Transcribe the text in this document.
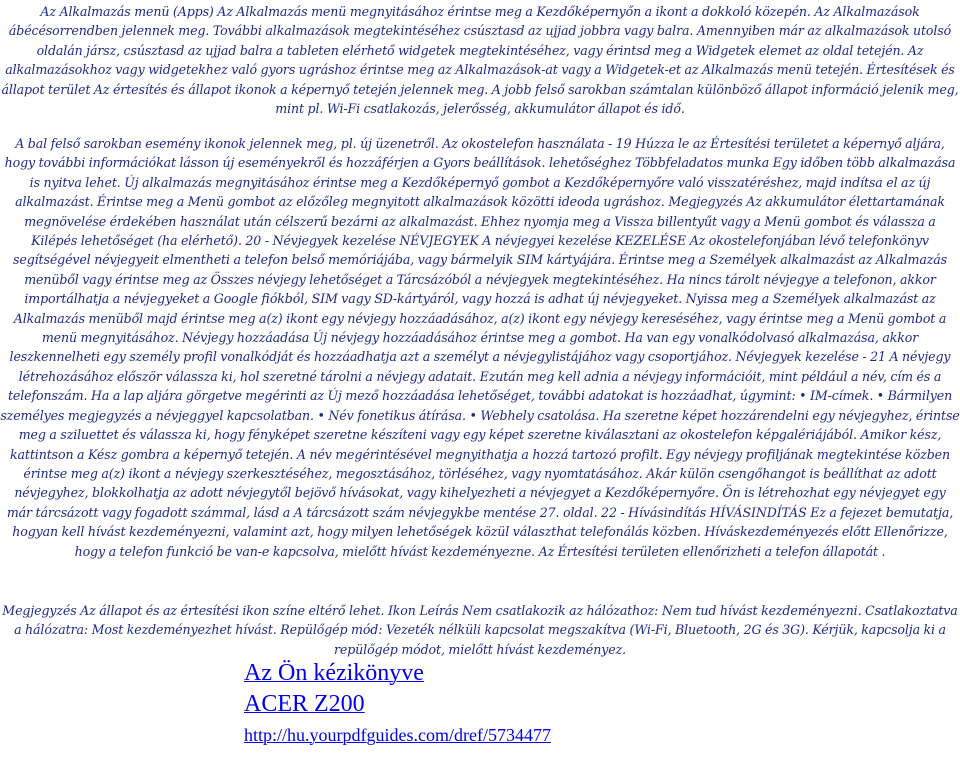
Az Alkalmazás menü (Apps) Az Alkalmazás menü megnyitásához érintse meg a Kezdőképernyőn a ikont a dokkoló közepén. Az Alkalmazások ábécésorrendben jelennek meg. További alkalmazások megtekintéséhez csúsztasd az ujjad jobbra vagy balra. Amennyiben már az alkalmazások utolsó oldalán jársz, csúsztasd az ujjad balra a tableten elérhető widgetek megtekintéséhez, vagy érintsd meg a Widgetek elemet az oldal tetején. Az alkalmazásokhoz vagy widgetekhez való gyors ugráshoz érintse meg az Alkalmazások-at vagy a Widgetek-et az Alkalmazás menü tetején. Értesítések és állapot terület Az értesítés és állapot ikonok a képernyő tetején jelennek meg. A jobb felső sarokban számtalan különböző állapot információ jelenik meg, mint pl. Wi-Fi csatlakozás, jelerősség, akkumulátor állapot és idő.

A bal felső sarokban esemény ikonok jelennek meg, pl. új üzenetről. Az okostelefon használata - 19 Húzza le az Értesítési területet a képernyő aljára, hogy további információkat lásson új eseményekről és hozzáférjen a Gyors beállítások. lehetőséghez Többfeladatos munka Egy időben több alkalmazása is nyitva lehet. Új alkalmazás megnyitásához érintse meg a Kezdőképernyő gombot a Kezdőképernyőre való visszatéréshez, majd indítsa el az új alkalmazást. Érintse meg a Menü gombot az előzőleg megnyitott alkalmazások közötti ideoda ugráshoz. Megjegyzés Az akkumulátor élettartamának megnövelése érdekében használat után célszerű bezárni az alkalmazást. Ehhez nyomja meg a Vissza billentyűt vagy a Menü gombot és válassza a Kilépés lehetőséget (ha elérhető). 20 - Névjegyek kezelése NÉVJEGYEK A névjegyei kezelése KEZELÉSE Az okostelefonjában lévő telefonkönyv segítségével névjegyeit elmentheti a telefon belső memóriájába, vagy bármelyik SIM kártyájára. Érintse meg a Személyek alkalmazást az Alkalmazás menüből vagy érintse meg az Összes névjegy lehetőséget a Tárcsázóból a névjegyek megtekintéséhez. Ha nincs tárolt névjegye a telefonon, akkor importálhatja a névjegyeket a Google fiókból, SIM vagy SD-kártyáról, vagy hozzá is adhat új névjegyeket. Nyissa meg a Személyek alkalmazást az Alkalmazás menüből majd érintse meg a(z) ikont egy névjegy hozzáadásához, a(z) ikont egy névjegy kereséséhez, vagy érintse meg a Menü gombot a menü megnyitásához. Névjegy hozzáadása Új névjegy hozzáadásához érintse meg a gombot. Ha van egy vonalkódolvasó alkalmazása, akkor leszkennelheti egy személy profil vonalkódját és hozzáadhatja azt a személyt a névjegylistájához vagy csoportjához. Névjegyek kezelése - 21 A névjegy létrehozásához először válassza ki, hol szeretné tárolni a névjegy adatait. Ezután meg kell adnia a névjegy információit, mint például a név, cím és a telefonszám. Ha a lap aljára görgetve megérinti az Új mező hozzáadása lehetőséget, további adatokat is hozzáadhat, úgymint: • IM-címek. • Bármilyen személyes megjegyzés a névjeggyel kapcsolatban. • Név fonetikus átírása. • Webhely csatolása. Ha szeretne képet hozzárendelni egy névjegyhez, érintse meg a sziluettet és válassza ki, hogy fényképet szeretne készíteni vagy egy képet szeretne kiválasztani az okostelefon képgalériájából. Amikor kész, kattintson a Kész gombra a képernyő tetején. A név megérintésével megnyithatja a hozzá tartozó profilt. Egy névjegy profiljának megtekintése közben érintse meg a(z) ikont a névjegy szerkesztéséhez, megosztásához, törléséhez, vagy nyomtatásához. Akár külön csengőhangot is beállíthat az adott névjegyhez, blokkolhatja az adott névjegytől bejövő hívásokat, vagy kihelyezheti a névjegyet a Kezdőképernyőre. Ön is létrehozhat egy névjegyet egy már tárcsázott vagy fogadott számmal, lásd a A tárcsázott szám névjegykbe mentése 27. oldal. 22 - Hívásindítás HÍVÁSINDÍTÁS Ez a fejezet bemutatja, hogyan kell hívást kezdeményezni, valamint azt, hogy milyen lehetőségek közül választhat telefonálás közben. Híváskezdeményezés előtt Ellenőrizze, hogy a telefon funkció be van-e kapcsolva, mielőtt hívást kezdeményezne. Az Értesítési területen ellenőrizheti a telefon állapotát .

Megjegyzés Az állapot és az értesítési ikon színe eltérő lehet. Ikon Leírás Nem csatlakozik az hálózathoz: Nem tud hívást kezdeményezni. Csatlakoztatva a hálózatra: Most kezdeményezhet hívást. Repülőgép mód: Vezeték nélküli kapcsolat megszakítva (Wi-Fi, Bluetooth, 2G és 3G). Kérjük, kapcsolja ki a repülőgép módot, mielőtt hívást kezdeményez.

Az Ön kézikönyve
ACER Z200
http://hu.yourpdfguides.com/dref/5734477
